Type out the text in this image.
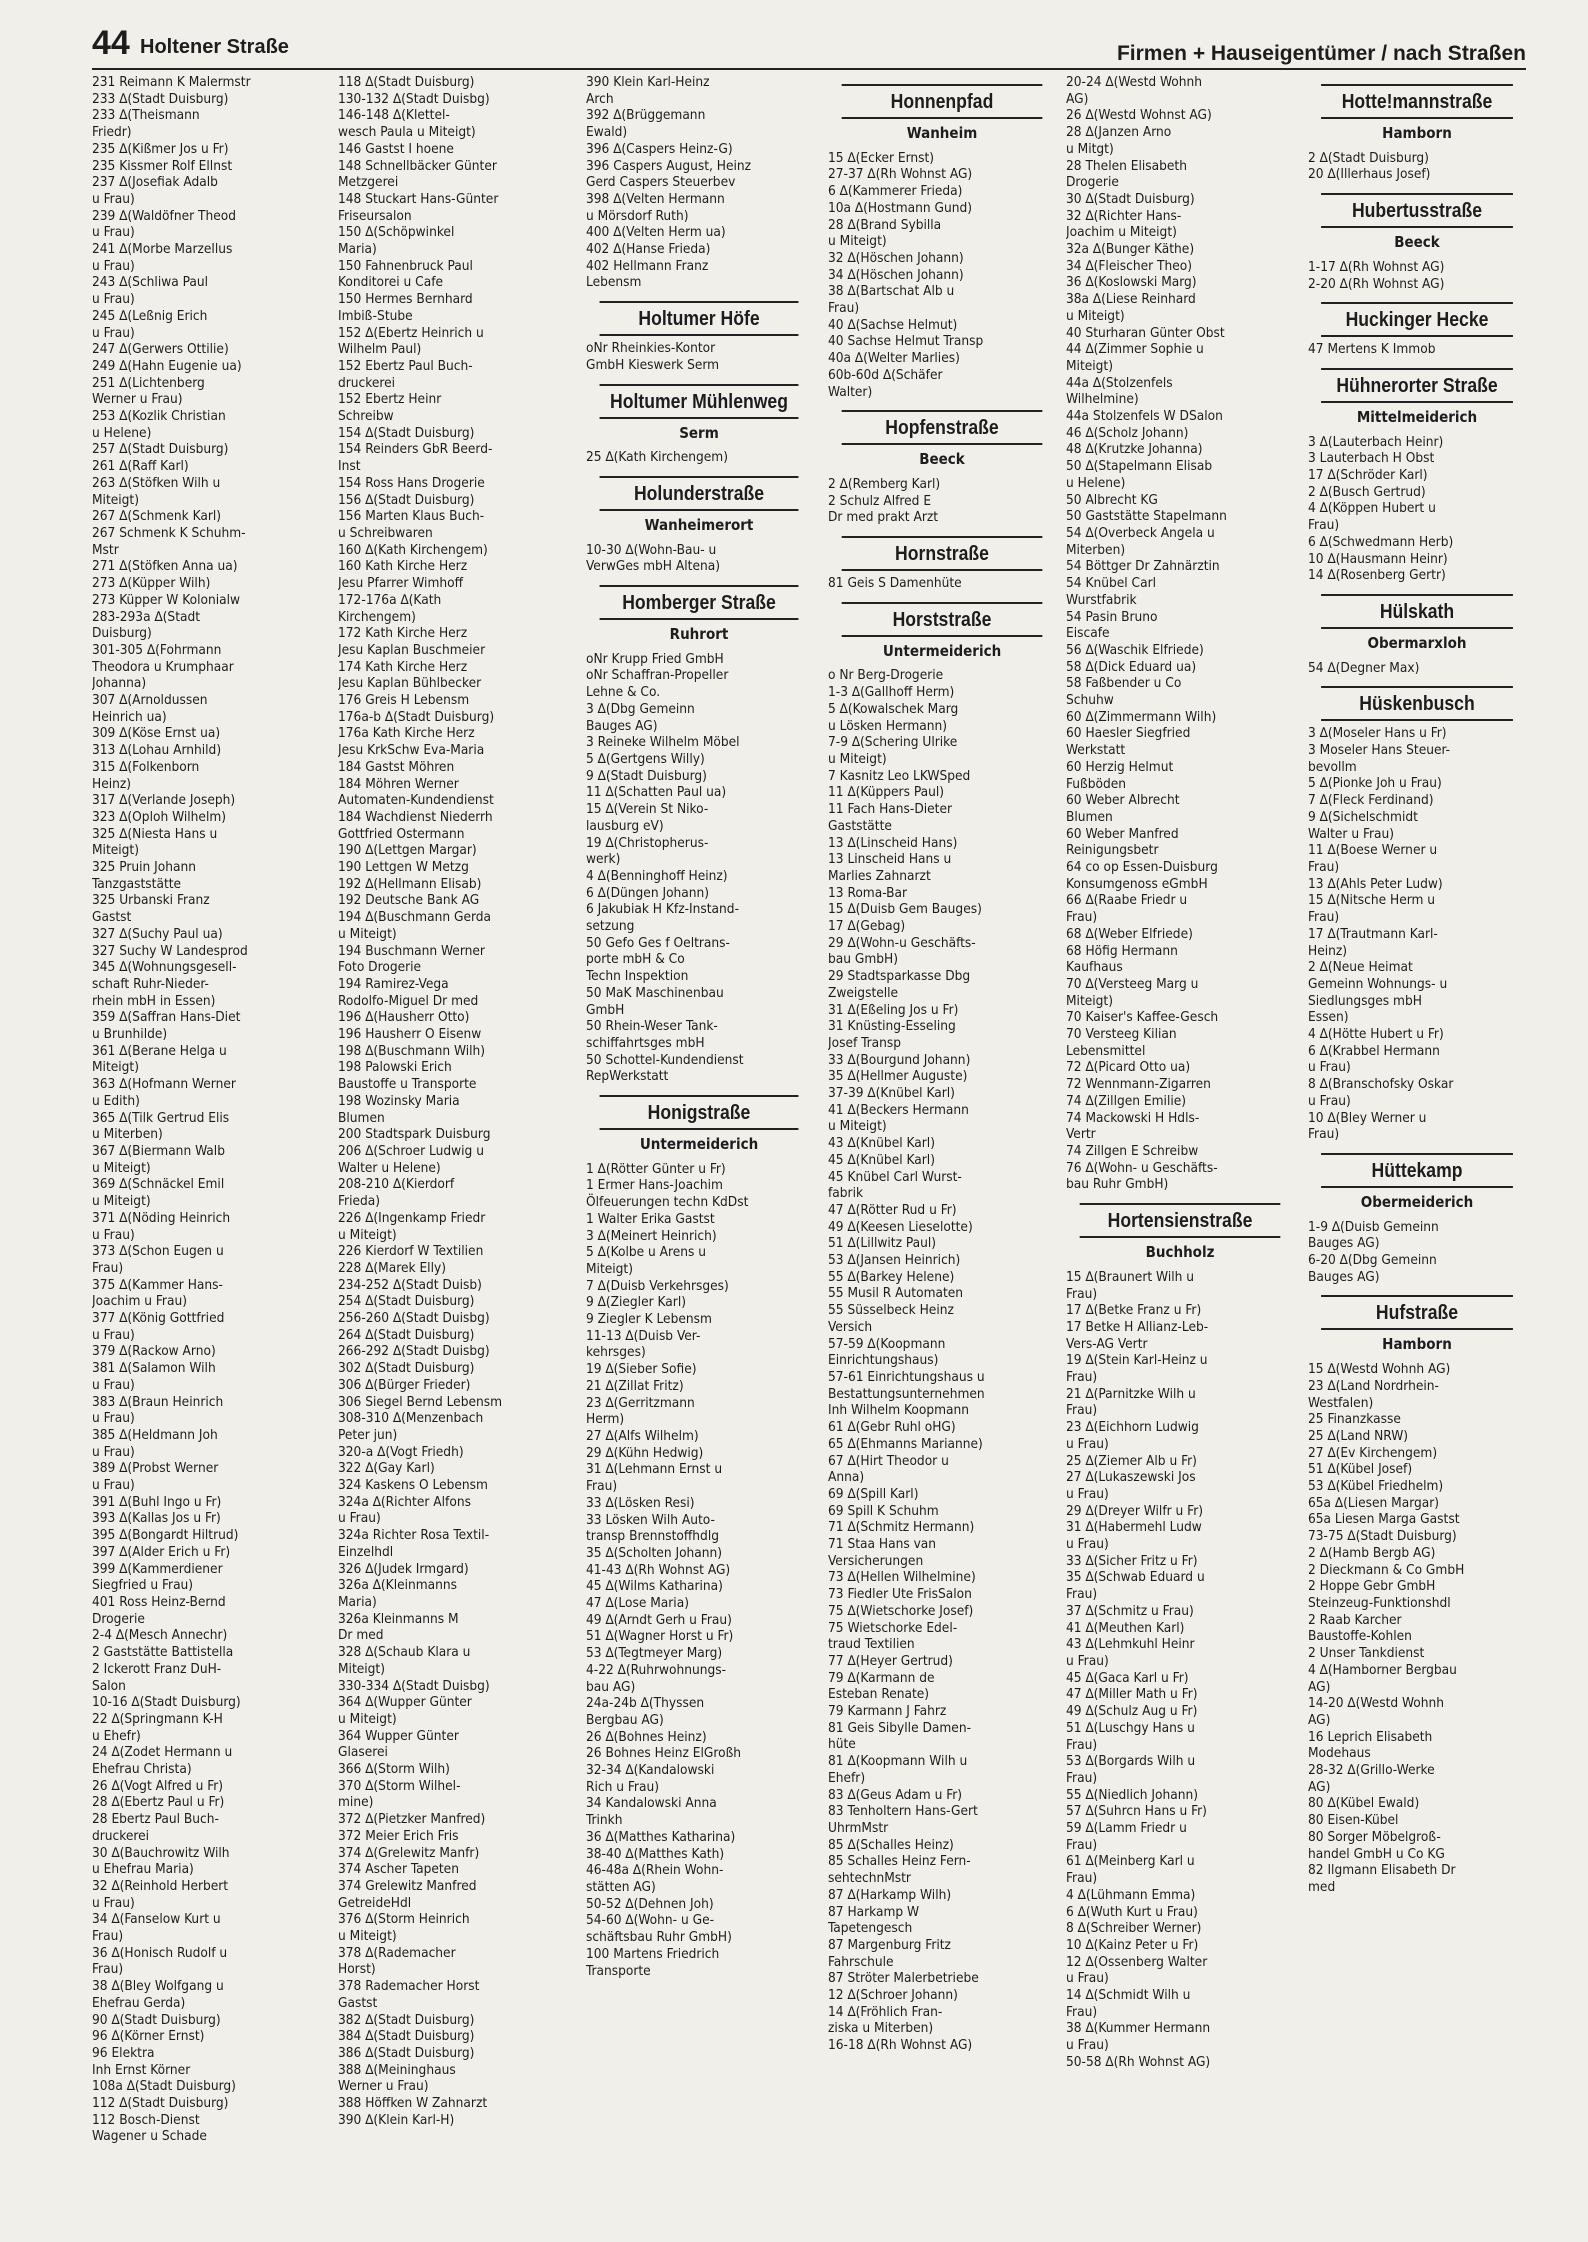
44 Holtener Straße	Firmen + Hauseigentümer / nach Straßen
231 Reimann K Malermstr
233 ∆(Stadt Duisburg)
233 ∆(Theismann
Friedr)
235 ∆(Kißmer Jos u Fr)
235 Kissmer Rolf Ellnst
237 ∆(Josefiak Adalb
u Frau)
239 ∆(Waldöfner Theod
u Frau)
241 ∆(Morbe Marzellus
u Frau)
243 ∆(Schliwa Paul
u Frau)
245 ∆(Leßnig Erich
u Frau)
247 ∆(Gerwers Ottilie)
249 ∆(Hahn Eugenie ua)
251 ∆(Lichtenberg
Werner u Frau)
253 ∆(Kozlik Christian
u Helene)
257 ∆(Stadt Duisburg)
261 ∆(Raff Karl)
263 ∆(Stöfken Wilh u
Miteigt)
267 ∆(Schmenk Karl)
267 Schmenk K Schuhm-
Mstr
271 ∆(Stöfken Anna ua)
273 ∆(Küpper Wilh)
273 Küpper W Kolonialw
283-293a ∆(Stadt
Duisburg)
301-305 ∆(Fohrmann
Theodora u Krumphaar
Johanna)
307 ∆(Arnoldussen
Heinrich ua)
309 ∆(Köse Ernst ua)
313 ∆(Lohau Arnhild)
315 ∆(Folkenborn
Heinz)
317 ∆(Verlande Joseph)
323 ∆(Oploh Wilhelm)
325 ∆(Niesta Hans u
Miteigt)
325 Pruin Johann
Tanzgaststätte
325 Urbanski Franz
Gastst
327 ∆(Suchy Paul ua)
327 Suchy W Landesprod
345 ∆(Wohnungsgesell-
schaft Ruhr-Nieder-
rhein mbH in Essen)
359 ∆(Saffran Hans-Diet
u Brunhilde)
361 ∆(Berane Helga u
Miteigt)
363 ∆(Hofmann Werner
u Edith)
365 ∆(Tilk Gertrud Elis
u Miterben)
367 ∆(Biermann Walb
u Miteigt)
369 ∆(Schnäckel Emil
u Miteigt)
371 ∆(Nöding Heinrich
u Frau)
373 ∆(Schon Eugen u
Frau)
375 ∆(Kammer Hans-
Joachim u Frau)
377 ∆(König Gottfried
u Frau)
379 ∆(Rackow Arno)
381 ∆(Salamon Wilh
u Frau)
383 ∆(Braun Heinrich
u Frau)
385 ∆(Heldmann Joh
u Frau)
389 ∆(Probst Werner
u Frau)
391 ∆(Buhl Ingo u Fr)
393 ∆(Kallas Jos u Fr)
395 ∆(Bongardt Hiltrud)
397 ∆(Alder Erich u Fr)
399 ∆(Kammerdiener
Siegfried u Frau)
401 Ross Heinz-Bernd
Drogerie
2-4 ∆(Mesch Annechr)
2 Gaststätte Battistella
2 Ickerott Franz DuH-
Salon
10-16 ∆(Stadt Duisburg)
22 ∆(Springmann K-H
u Ehefr)
24 ∆(Zodet Hermann u
Ehefrau Christa)
26 ∆(Vogt Alfred u Fr)
28 ∆(Ebertz Paul u Fr)
28 Ebertz Paul Buch-
druckerei
30 ∆(Bauchrowitz Wilh
u Ehefrau Maria)
32 ∆(Reinhold Herbert
u Frau)
34 ∆(Fanselow Kurt u
Frau)
36 ∆(Honisch Rudolf u
Frau)
38 ∆(Bley Wolfgang u
Ehefrau Gerda)
90 ∆(Stadt Duisburg)
96 ∆(Körner Ernst)
96 Elektra
Inh Ernst Körner
108a ∆(Stadt Duisburg)
112 ∆(Stadt Duisburg)
112 Bosch-Dienst
Wagener u Schade
118 ∆(Stadt Duisburg)
130-132 ∆(Stadt Duisbg)
146-148 ∆(Klettel-
wesch Paula u Miteigt)
146 Gastst I hoene
148 Schnellbäcker Günter
Metzgerei
148 Stuckart Hans-Günter
Friseursalon
150 ∆(Schöpwinkel
Maria)
150 Fahnenbruck Paul
Konditorei u Cafe
150 Hermes Bernhard
Imbiß-Stube
152 ∆(Ebertz Heinrich u
Wilhelm Paul)
152 Ebertz Paul Buch-
druckerei
152 Ebertz Heinr
Schreibw
154 ∆(Stadt Duisburg)
154 Reinders GbR Beerd-
Inst
154 Ross Hans Drogerie
156 ∆(Stadt Duisburg)
156 Marten Klaus Buch-
u Schreibwaren
160 ∆(Kath Kirchengem)
160 Kath Kirche Herz
Jesu Pfarrer Wimhoff
172-176a ∆(Kath
Kirchengem)
172 Kath Kirche Herz
Jesu Kaplan Buschmeier
174 Kath Kirche Herz
Jesu Kaplan Bühlbecker
176 Greis H Lebensm
176a-b ∆(Stadt Duisburg)
176a Kath Kirche Herz
Jesu KrkSchw Eva-Maria
184 Gastst Möhren
184 Möhren Werner
Automaten-Kundendienst
184 Wachdienst Niederrh
Gottfried Ostermann
190 ∆(Lettgen Margar)
190 Lettgen W Metzg
192 ∆(Hellmann Elisab)
192 Deutsche Bank AG
194 ∆(Buschmann Gerda
u Miteigt)
194 Buschmann Werner
Foto Drogerie
194 Ramirez-Vega
Rodolfo-Miguel Dr med
196 ∆(Hausherr Otto)
196 Hausherr O Eisenw
198 ∆(Buschmann Wilh)
198 Palowski Erich
Baustoffe u Transporte
198 Wozinsky Maria
Blumen
200 Stadtspark Duisburg
206 ∆(Schroer Ludwig u
Walter u Helene)
208-210 ∆(Kierdorf
Frieda)
226 ∆(Ingenkamp Friedr
u Miteigt)
226 Kierdorf W Textilien
228 ∆(Marek Elly)
234-252 ∆(Stadt Duisb)
254 ∆(Stadt Duisburg)
256-260 ∆(Stadt Duisbg)
264 ∆(Stadt Duisburg)
266-292 ∆(Stadt Duisbg)
302 ∆(Stadt Duisburg)
306 ∆(Bürger Frieder)
306 Siegel Bernd Lebensm
308-310 ∆(Menzenbach
Peter jun)
320-a ∆(Vogt Friedh)
322 ∆(Gay Karl)
324 Kaskens O Lebensm
324a ∆(Richter Alfons
u Frau)
324a Richter Rosa Textil-
Einzelhdl
326 ∆(Judek Irmgard)
326a ∆(Kleinmanns
Maria)
326a Kleinmanns M
Dr med
328 ∆(Schaub Klara u
Miteigt)
330-334 ∆(Stadt Duisbg)
364 ∆(Wupper Günter
u Miteigt)
364 Wupper Günter
Glaserei
366 ∆(Storm Wilh)
370 ∆(Storm Wilhel-
mine)
372 ∆(Pietzker Manfred)
372 Meier Erich Fris
374 ∆(Grelewitz Manfr)
374 Ascher Tapeten
374 Grelewitz Manfred
GetreideHdl
376 ∆(Storm Heinrich
u Miteigt)
378 ∆(Rademacher
Horst)
378 Rademacher Horst
Gastst
382 ∆(Stadt Duisburg)
384 ∆(Stadt Duisburg)
386 ∆(Stadt Duisburg)
388 ∆(Meininghaus
Werner u Frau)
388 Höffken W Zahnarzt
390 ∆(Klein Karl-H)
390 Klein Karl-Heinz
Arch
392 ∆(Brüggemann
Ewald)
396 ∆(Caspers Heinz-G)
396 Caspers August, Heinz
Gerd Caspers Steuerbev
398 ∆(Velten Hermann
u Mörsdorf Ruth)
400 ∆(Velten Herm ua)
402 ∆(Hanse Frieda)
402 Hellmann Franz
Lebensm
Holtumer Höfe
oNr Rheinkies-Kontor
GmbH Kieswerk Serm
Holtumer Mühlenweg
Serm
25 ∆(Kath Kirchengem)
Holunderstraße
Wanheimerort
10-30 ∆(Wohn-Bau- u
VerwGes mbH Altena)
Homberger Straße
Ruhrort
oNr Krupp Fried GmbH
oNr Schaffran-Propeller
Lehne & Co.
3 ∆(Dbg Gemeinn
Bauges AG)
3 Reineke Wilhelm Möbel
5 ∆(Gertgens Willy)
9 ∆(Stadt Duisburg)
11 ∆(Schatten Paul ua)
15 ∆(Verein St Niko-
lausburg eV)
19 ∆(Christopherus-
werk)
4 ∆(Benninghoff Heinz)
6 ∆(Düngen Johann)
6 Jakubiak H Kfz-Instand-
setzung
50 Gefo Ges f Oeltrans-
porte mbH & Co
Techn Inspektion
50 MaK Maschinenbau
GmbH
50 Rhein-Weser Tank-
schiffahrtsges mbH
50 Schottel-Kundendienst
RepWerkstatt
Honigstraße
Untermeiderich
1 ∆(Rötter Günter u Fr)
1 Ermer Hans-Joachim
Ölfeuerungen techn KdDst
1 Walter Erika Gastst
3 ∆(Meinert Heinrich)
5 ∆(Kolbe u Arens u
Miteigt)
7 ∆(Duisb Verkehrsges)
9 ∆(Ziegler Karl)
9 Ziegler K Lebensm
11-13 ∆(Duisb Ver-
kehrsges)
19 ∆(Sieber Sofie)
21 ∆(Zillat Fritz)
23 ∆(Gerritzmann
Herm)
27 ∆(Alfs Wilhelm)
29 ∆(Kühn Hedwig)
31 ∆(Lehmann Ernst u
Frau)
33 ∆(Lösken Resi)
33 Lösken Wilh Auto-
transp Brennstoffhdlg
35 ∆(Scholten Johann)
41-43 ∆(Rh Wohnst AG)
45 ∆(Wilms Katharina)
47 ∆(Lose Maria)
49 ∆(Arndt Gerh u Frau)
51 ∆(Wagner Horst u Fr)
53 ∆(Tegtmeyer Marg)
4-22 ∆(Ruhrwohnungs-
bau AG)
24a-24b ∆(Thyssen
Bergbau AG)
26 ∆(Bohnes Heinz)
26 Bohnes Heinz ElGroßh
32-34 ∆(Kandalowski
Rich u Frau)
34 Kandalowski Anna
Trinkh
36 ∆(Matthes Katharina)
38-40 ∆(Matthes Kath)
46-48a ∆(Rhein Wohn-
stätten AG)
50-52 ∆(Dehnen Joh)
54-60 ∆(Wohn- u Ge-
schäftsbau Ruhr GmbH)
100 Martens Friedrich
Transporte
Honnenpfad
Wanheim
15 ∆(Ecker Ernst)
27-37 ∆(Rh Wohnst AG)
6 ∆(Kammerer Frieda)
10a ∆(Hostmann Gund)
28 ∆(Brand Sybilla
u Miteigt)
32 ∆(Höschen Johann)
34 ∆(Höschen Johann)
38 ∆(Bartschat Alb u
Frau)
40 ∆(Sachse Helmut)
40 Sachse Helmut Transp
40a ∆(Welter Marlies)
60b-60d ∆(Schäfer
Walter)
Hopfenstraße
Beeck
2 ∆(Remberg Karl)
2 Schulz Alfred E
Dr med prakt Arzt
Hornstraße
81 Geis S Damenhüte
Horststraße
Untermeiderich
o Nr Berg-Drogerie
1-3 ∆(Gallhoff Herm)
5 ∆(Kowalschek Marg
u Lösken Hermann)
7-9 ∆(Schering Ulrike
u Miteigt)
7 Kasnitz Leo LKWSped
11 ∆(Küppers Paul)
11 Fach Hans-Dieter
Gaststätte
13 ∆(Linscheid Hans)
13 Linscheid Hans u
Marlies Zahnarzt
13 Roma-Bar
15 ∆(Duisb Gem Bauges)
17 ∆(Gebag)
29 ∆(Wohn-u Geschäfts-
bau GmbH)
29 Stadtsparkasse Dbg
Zweigstelle
31 ∆(Eßeling Jos u Fr)
31 Knüsting-Esseling
Josef Transp
33 ∆(Bourgund Johann)
35 ∆(Hellmer Auguste)
37-39 ∆(Knübel Karl)
41 ∆(Beckers Hermann
u Miteigt)
43 ∆(Knübel Karl)
45 ∆(Knübel Karl)
45 Knübel Carl Wurst-
fabrik
47 ∆(Rötter Rud u Fr)
49 ∆(Keesen Lieselotte)
51 ∆(Lillwitz Paul)
53 ∆(Jansen Heinrich)
55 ∆(Barkey Helene)
55 Musil R Automaten
55 Süsselbeck Heinz
Versich
57-59 ∆(Koopmann
Einrichtungshaus)
57-61 Einrichtungshaus u
Bestattungsunternehmen
Inh Wilhelm Koopmann
61 ∆(Gebr Ruhl oHG)
65 ∆(Ehmanns Marianne)
67 ∆(Hirt Theodor u
Anna)
69 ∆(Spill Karl)
69 Spill K Schuhm
71 ∆(Schmitz Hermann)
71 Staa Hans van
Versicherungen
73 ∆(Hellen Wilhelmine)
73 Fiedler Ute FrisSalon
75 ∆(Wietschorke Josef)
75 Wietschorke Edel-
traud Textilien
77 ∆(Heyer Gertrud)
79 ∆(Karmann de
Esteban Renate)
79 Karmann J Fahrz
81 Geis Sibylle Damen-
hüte
81 ∆(Koopmann Wilh u
Ehefr)
83 ∆(Geus Adam u Fr)
83 Tenholtern Hans-Gert
UhrmMstr
85 ∆(Schalles Heinz)
85 Schalles Heinz Fern-
sehtechnMstr
87 ∆(Harkamp Wilh)
87 Harkamp W
Tapetengesch
87 Margenburg Fritz
Fahrschule
87 Ströter Malerbetriebe
12 ∆(Schroer Johann)
14 ∆(Fröhlich Fran-
ziska u Miterben)
16-18 ∆(Rh Wohnst AG)
20-24 ∆(Westd Wohnh
AG)
26 ∆(Westd Wohnst AG)
28 ∆(Janzen Arno
u Mitgt)
28 Thelen Elisabeth
Drogerie
30 ∆(Stadt Duisburg)
32 ∆(Richter Hans-
Joachim u Miteigt)
32a ∆(Bunger Käthe)
34 ∆(Fleischer Theo)
36 ∆(Koslowski Marg)
38a ∆(Liese Reinhard
u Miteigt)
40 Sturharan Günter Obst
44 ∆(Zimmer Sophie u
Miteigt)
44a ∆(Stolzenfels
Wilhelmine)
44a Stolzenfels W DSalon
46 ∆(Scholz Johann)
48 ∆(Krutzke Johanna)
50 ∆(Stapelmann Elisab
u Helene)
50 Albrecht KG
50 Gaststätte Stapelmann
54 ∆(Overbeck Angela u
Miterben)
54 Böttger Dr Zahnärztin
54 Knübel Carl
Wurstfabrik
54 Pasin Bruno
Eiscafe
56 ∆(Waschik Elfriede)
58 ∆(Dick Eduard ua)
58 Faßbender u Co
Schuhw
60 ∆(Zimmermann Wilh)
60 Haesler Siegfried
Werkstatt
60 Herzig Helmut
Fußböden
60 Weber Albrecht
Blumen
60 Weber Manfred
Reinigungsbetr
64 co op Essen-Duisburg
Konsumgenoss eGmbH
66 ∆(Raabe Friedr u
Frau)
68 ∆(Weber Elfriede)
68 Höfig Hermann
Kaufhaus
70 ∆(Versteeg Marg u
Miteigt)
70 Kaiser's Kaffee-Gesch
70 Versteeg Kilian
Lebensmittel
72 ∆(Picard Otto ua)
72 Wennmann-Zigarren
74 ∆(Zillgen Emilie)
74 Mackowski H Hdls-
Vertr
74 Zillgen E Schreibw
76 ∆(Wohn- u Geschäfts-
bau Ruhr GmbH)
Hortensienstraße
Buchholz
15 ∆(Braunert Wilh u
Frau)
17 ∆(Betke Franz u Fr)
17 Betke H Allianz-Leb-
Vers-AG Vertr
19 ∆(Stein Karl-Heinz u
Frau)
21 ∆(Parnitzke Wilh u
Frau)
23 ∆(Eichhorn Ludwig
u Frau)
25 ∆(Ziemer Alb u Fr)
27 ∆(Lukaszewski Jos
u Frau)
29 ∆(Dreyer Wilfr u Fr)
31 ∆(Habermehl Ludw
u Frau)
33 ∆(Sicher Fritz u Fr)
35 ∆(Schwab Eduard u
Frau)
37 ∆(Schmitz u Frau)
41 ∆(Meuthen Karl)
43 ∆(Lehmkuhl Heinr
u Frau)
45 ∆(Gaca Karl u Fr)
47 ∆(Miller Math u Fr)
49 ∆(Schulz Aug u Fr)
51 ∆(Luschgy Hans u
Frau)
53 ∆(Borgards Wilh u
Frau)
55 ∆(Niedlich Johann)
57 ∆(Suhrcn Hans u Fr)
59 ∆(Lamm Friedr u
Frau)
61 ∆(Meinberg Karl u
Frau)
4 ∆(Lühmann Emma)
6 ∆(Wuth Kurt u Frau)
8 ∆(Schreiber Werner)
10 ∆(Kainz Peter u Fr)
12 ∆(Ossenberg Walter
u Frau)
14 ∆(Schmidt Wilh u
Frau)
38 ∆(Kummer Hermann
u Frau)
50-58 ∆(Rh Wohnst AG)
Hotte!mannstraße
Hamborn
2 ∆(Stadt Duisburg)
20 ∆(Illerhaus Josef)
Hubertusstraße
Beeck
1-17 ∆(Rh Wohnst AG)
2-20 ∆(Rh Wohnst AG)
Huckinger Hecke
47 Mertens K Immob
Hühnerorter Straße
Mittelmeiderich
3 ∆(Lauterbach Heinr)
3 Lauterbach H Obst
17 ∆(Schröder Karl)
2 ∆(Busch Gertrud)
4 ∆(Köppen Hubert u
Frau)
6 ∆(Schwedmann Herb)
10 ∆(Hausmann Heinr)
14 ∆(Rosenberg Gertr)
Hülskath
Obermarxloh
54 ∆(Degner Max)
Hüskenbusch
3 ∆(Moseler Hans u Fr)
3 Moseler Hans Steuer-
bevollm
5 ∆(Pionke Joh u Frau)
7 ∆(Fleck Ferdinand)
9 ∆(Sichelschmidt
Walter u Frau)
11 ∆(Boese Werner u
Frau)
13 ∆(Ahls Peter Ludw)
15 ∆(Nitsche Herm u
Frau)
17 ∆(Trautmann Karl-
Heinz)
2 ∆(Neue Heimat
Gemeinn Wohnungs- u
Siedlungsges mbH
Essen)
4 ∆(Hötte Hubert u Fr)
6 ∆(Krabbel Hermann
u Frau)
8 ∆(Branschofsky Oskar
u Frau)
10 ∆(Bley Werner u
Frau)
Hüttekamp
Obermeiderich
1-9 ∆(Duisb Gemeinn
Bauges AG)
6-20 ∆(Dbg Gemeinn
Bauges AG)
Hufstraße
Hamborn
15 ∆(Westd Wohnh AG)
23 ∆(Land Nordrhein-
Westfalen)
25 Finanzkasse
25 ∆(Land NRW)
27 ∆(Ev Kirchengem)
51 ∆(Kübel Josef)
53 ∆(Kübel Friedhelm)
65a ∆(Liesen Margar)
65a Liesen Marga Gastst
73-75 ∆(Stadt Duisburg)
2 ∆(Hamb Bergb AG)
2 Dieckmann & Co GmbH
2 Hoppe Gebr GmbH
Steinzeug-Funktionshdl
2 Raab Karcher
Baustoffe-Kohlen
2 Unser Tankdienst
4 ∆(Hamborner Bergbau
AG)
14-20 ∆(Westd Wohnh
AG)
16 Leprich Elisabeth
Modehaus
28-32 ∆(Grillo-Werke
AG)
80 ∆(Kübel Ewald)
80 Eisen-Kübel
80 Sorger Möbelgroß-
handel GmbH u Co KG
82 Ilgmann Elisabeth Dr
med
